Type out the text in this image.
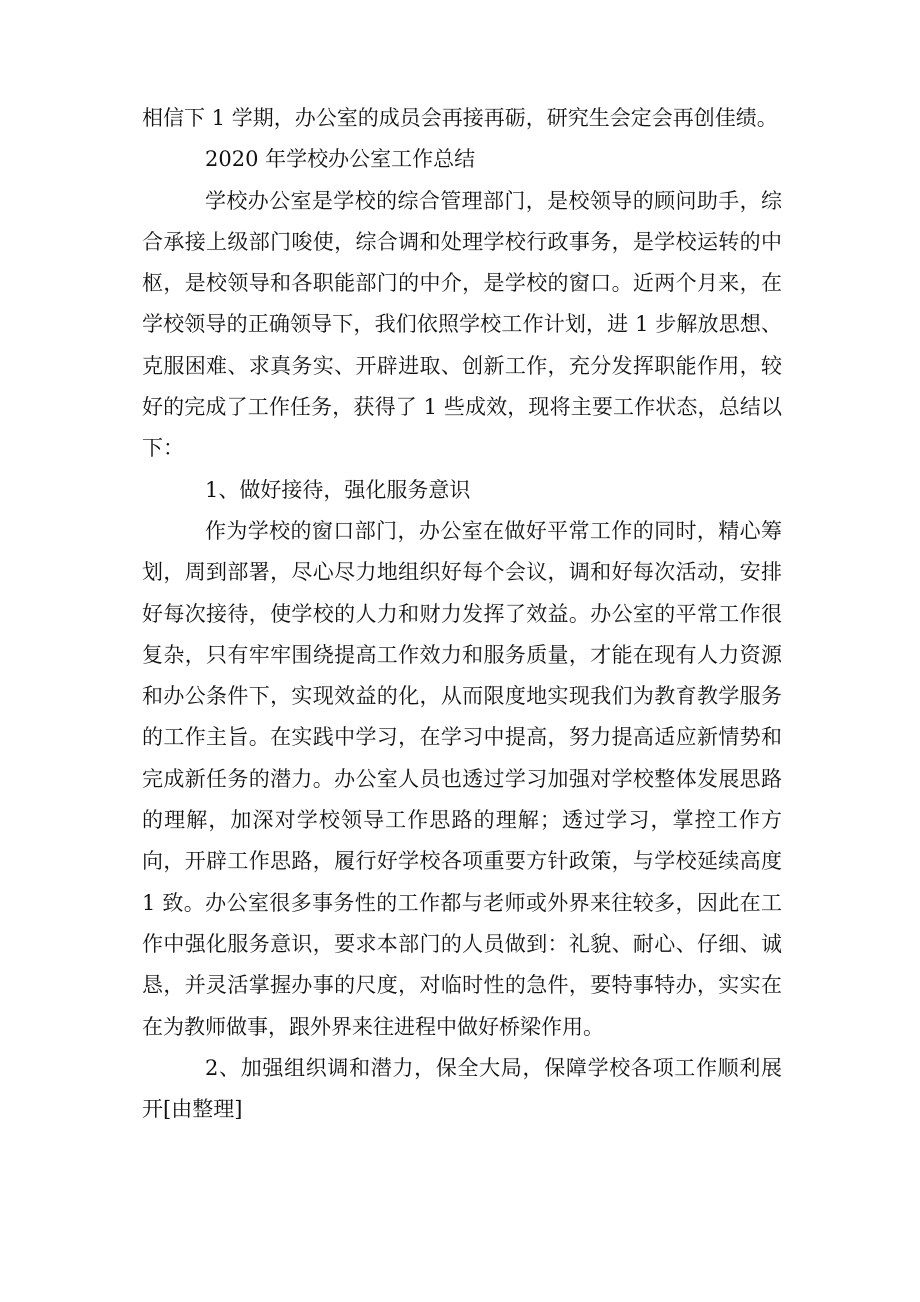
相信下 1 学期，办公室的成员会再接再砺，研究生会定会再创佳绩。

2020 年学校办公室工作总结

学校办公室是学校的综合管理部门，是校领导的顾问助手，综合承接上级部门唆使，综合调和处理学校行政事务，是学校运转的中枢，是校领导和各职能部门的中介，是学校的窗口。近两个月来，在学校领导的正确领导下，我们依照学校工作计划，进 1 步解放思想、克服困难、求真务实、开辟进取、创新工作，充分发挥职能作用，较好的完成了工作任务，获得了 1 些成效，现将主要工作状态，总结以下：

1、做好接待，强化服务意识

作为学校的窗口部门，办公室在做好平常工作的同时，精心筹划，周到部署，尽心尽力地组织好每个会议，调和好每次活动，安排好每次接待，使学校的人力和财力发挥了效益。办公室的平常工作很复杂，只有牢牢围绕提高工作效力和服务质量，才能在现有人力资源和办公条件下，实现效益的化，从而限度地实现我们为教育教学服务的工作主旨。在实践中学习，在学习中提高，努力提高适应新情势和完成新任务的潜力。办公室人员也透过学习加强对学校整体发展思路的理解，加深对学校领导工作思路的理解；透过学习，掌控工作方向，开辟工作思路，履行好学校各项重要方针政策，与学校延续高度 1 致。办公室很多事务性的工作都与老师或外界来往较多，因此在工作中强化服务意识，要求本部门的人员做到：礼貌、耐心、仔细、诚恳，并灵活掌握办事的尺度，对临时性的急件，要特事特办，实实在在为教师做事，跟外界来往进程中做好桥梁作用。

2、加强组织调和潜力，保全大局，保障学校各项工作顺利展开[由整理]
